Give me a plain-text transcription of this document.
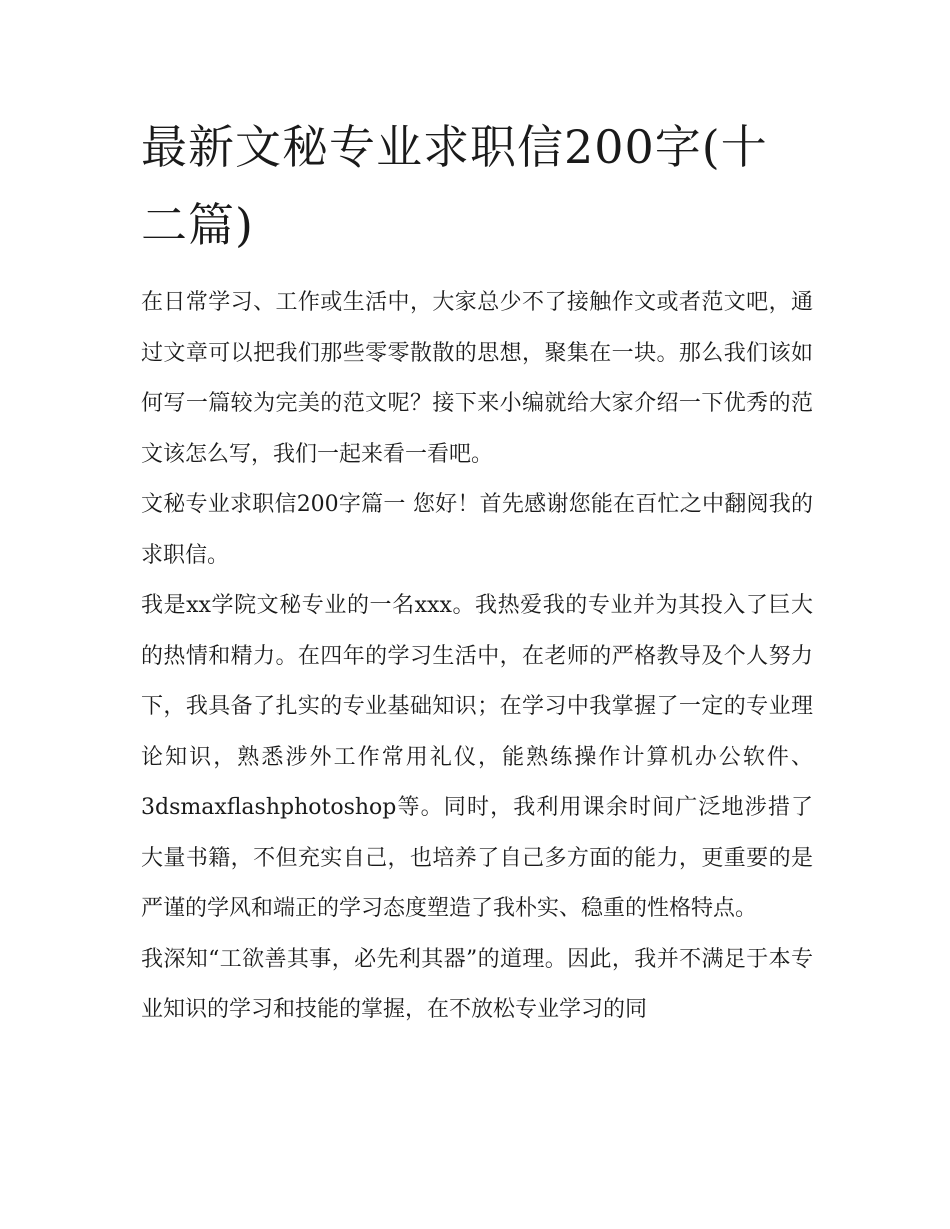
最新文秘专业求职信200字(十二篇)

在日常学习、工作或生活中，大家总少不了接触作文或者范文吧，通过文章可以把我们那些零零散散的思想，聚集在一块。那么我们该如何写一篇较为完美的范文呢？接下来小编就给大家介绍一下优秀的范文该怎么写，我们一起来看一看吧。

文秘专业求职信200字篇一 您好！首先感谢您能在百忙之中翻阅我的求职信。

我是xx学院文秘专业的一名xxx。我热爱我的专业并为其投入了巨大的热情和精力。在四年的学习生活中，在老师的严格教导及个人努力下，我具备了扎实的专业基础知识；在学习中我掌握了一定的专业理论知识，熟悉涉外工作常用礼仪，能熟练操作计算机办公软件、3dsmaxflashphotoshop等。同时，我利用课余时间广泛地涉措了大量书籍，不但充实自己，也培养了自己多方面的能力，更重要的是严谨的学风和端正的学习态度塑造了我朴实、稳重的性格特点。

我深知“工欲善其事，必先利其器”的道理。因此，我并不满足于本专业知识的学习和技能的掌握，在不放松专业学习的同
